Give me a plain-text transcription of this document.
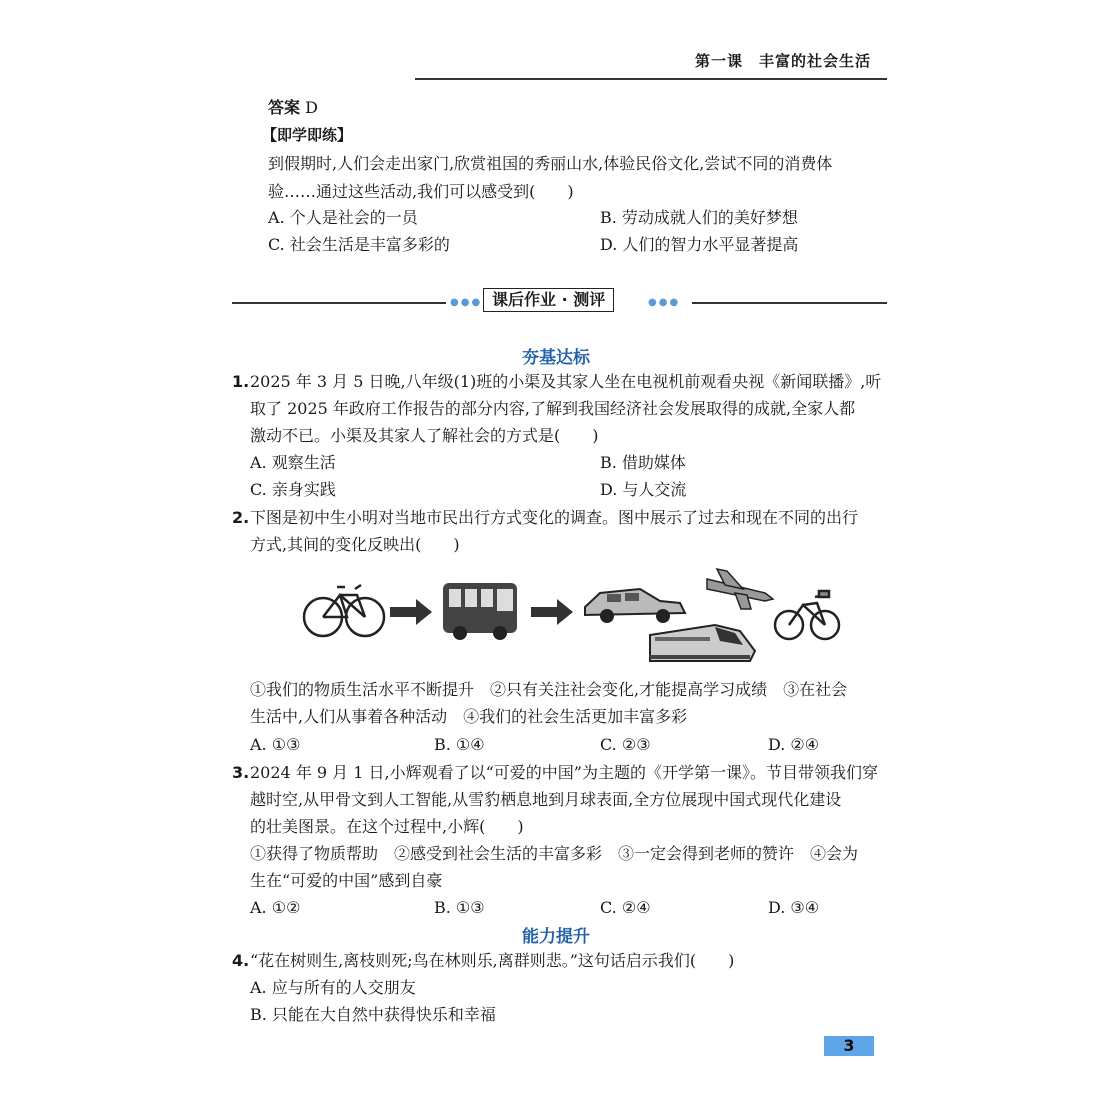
第一课　丰富的社会生活
答案 D
【即学即练】
到假期时,人们会走出家门,欣赏祖国的秀丽山水,体验民俗文化,尝试不同的消费体
验……通过这些活动,我们可以感受到(　　)
A. 个人是社会的一员	B. 劳动成就人们的美好梦想
C. 社会生活是丰富多彩的	D. 人们的智力水平显著提高
●●● 课后作业 · 测评	●●●
夯基达标
1. 2025 年 3 月 5 日晚,八年级(1)班的小渠及其家人坐在电视机前观看央视《新闻联播》,听
取了 2025 年政府工作报告的部分内容,了解到我国经济社会发展取得的成就,全家人都
激动不已。小渠及其家人了解社会的方式是(　　)
A. 观察生活	B. 借助媒体
C. 亲身实践	D. 与人交流
2. 下图是初中生小明对当地市民出行方式变化的调查。图中展示了过去和现在不同的出行
方式,其间的变化反映出(　　)
①我们的物质生活水平不断提升　②只有关注社会变化,才能提高学习成绩　③在社会
生活中,人们从事着各种活动　④我们的社会生活更加丰富多彩
A. ①③	B. ①④	C. ②③	D. ②④
3. 2024 年 9 月 1 日,小辉观看了以“可爱的中国”为主题的《开学第一课》。节目带领我们穿
越时空,从甲骨文到人工智能,从雪豹栖息地到月球表面,全方位展现中国式现代化建设
的壮美图景。在这个过程中,小辉(　　)
①获得了物质帮助　②感受到社会生活的丰富多彩　③一定会得到老师的赞许　④会为
生在“可爱的中国”感到自豪
A. ①②	B. ①③	C. ②④	D. ③④
能力提升
4. “花在树则生,离枝则死;鸟在林则乐,离群则悲。”这句话启示我们(　　)
A. 应与所有的人交朋友
B. 只能在大自然中获得快乐和幸福
3
